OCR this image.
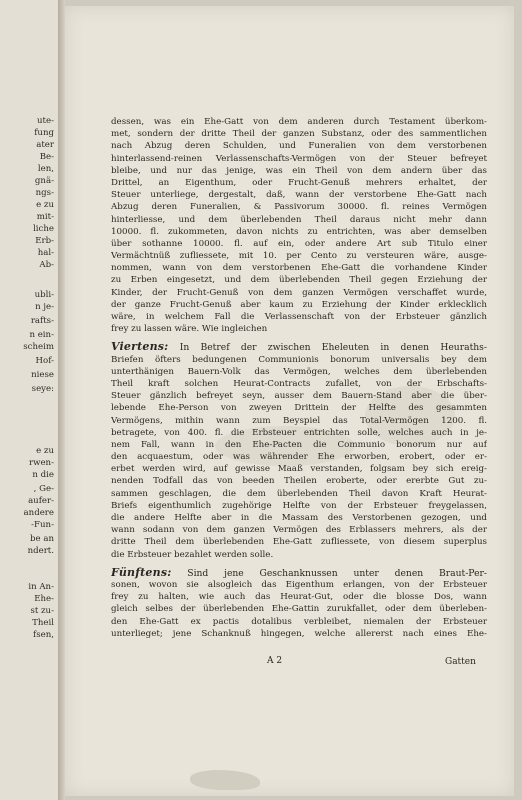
ute-
fung
ater
Be-
len,
gnä-
ngs-
e zu
mit-
liche
Erb-
hal-
Ab-
ubli-
n je-
rafts-
n ein-
scheim
Hof-
niese
seye:
e zu
rwen-
n die
, Ge-
aufer-
andere
-Fun-
be an
ndert.
in An-
Ehe-
st zu-
Theil
fsen,
dessen, was ein Ehe-Gatt von dem anderen durch Testament überkom-
met, sondern der dritte Theil der ganzen Substanz, oder des sammentlichen
nach Abzug deren Schulden, und Funeralien von dem verstorbenen
hinterlassend-reinen Verlassenschafts-Vermögen von der Steuer befreyet
bleibe, und nur das jenige, was ein Theil von dem andern über das
Drittel, an Eigenthum, oder Frucht-Genuß mehrers erhaltet, der
Steuer unterliege, dergestalt, daß, wann der verstorbene Ehe-Gatt nach
Abzug deren Funeralien, & Passivorum 30000. fl. reines Vermögen
hinterliesse, und dem überlebenden Theil daraus nicht mehr dann
10000. fl. zukommeten, davon nichts zu entrichten, was aber demselben
über sothanne 10000. fl. auf ein, oder andere Art sub Titulo einer
Vermächtnüß zufliessete, mit 10. per Cento zu versteuren wäre, ausge-
nommen, wann von dem verstorbenen Ehe-Gatt die vorhandene Kinder
zu Erben eingesetzt, und dem überlebenden Theil gegen Erziehung der
Kinder, der Frucht-Genuß von dem ganzen Vermögen verschaffet wurde,
der ganze Frucht-Genuß aber kaum zu Erziehung der Kinder erklecklich
wäre, in welchem Fall die Verlassenschaft von der Erbsteuer gänzlich
frey zu lassen wäre. Wie ingleichen
Viertens: In Betref der zwischen Eheleuten in denen Heuraths-
Briefen öfters bedungenen Communionis bonorum universalis bey dem
unterthänigen Bauern-Volk das Vermögen, welches dem überlebenden
Theil kraft solchen Heurat-Contracts zufallet, von der Erbschafts-
Steuer gänzlich befreyet seyn, ausser dem Bauern-Stand aber die über-
lebende Ehe-Person von zweyen Drittein der Helfte des gesammten
Vermögens, mithin wann zum Beyspiel das Total-Vermögen 1200. fl.
betragete, von 400. fl. die Erbsteuer entrichten solle, welches auch in je-
nem Fall, wann in den Ehe-Pacten die Communio bonorum nur auf
den acquaestum, oder was währender Ehe erworben, erobert, oder er-
erbet werden wird, auf gewisse Maaß verstanden, folgsam bey sich ereig-
nenden Todfall das von beeden Theilen eroberte, oder ererbte Gut zu-
sammen geschlagen, die dem überlebenden Theil davon Kraft Heurat-
Briefs eigenthumlich zugehörige Helfte von der Erbsteuer freygelassen,
die andere Helfte aber in die Massam des Verstorbenen gezogen, und
wann sodann von dem ganzen Vermögen des Erblassers mehrers, als der
dritte Theil dem überlebenden Ehe-Gatt zufliessete, von diesem superplus
die Erbsteuer bezahlet werden solle.
Fünftens: Sind jene Geschanknussen unter denen Braut-Per-
sonen, wovon sie alsogleich das Eigenthum erlangen, von der Erbsteuer
frey zu halten, wie auch das Heurat-Gut, oder die blosse Dos, wann
gleich selbes der überlebenden Ehe-Gattin zurukfallet, oder dem überleben-
den Ehe-Gatt ex pactis dotalibus verbleibet, niemalen der Erbsteuer
unterlieget; jene Schanknuß hingegen, welche allererst nach eines Ehe-
A 2	Gatten
